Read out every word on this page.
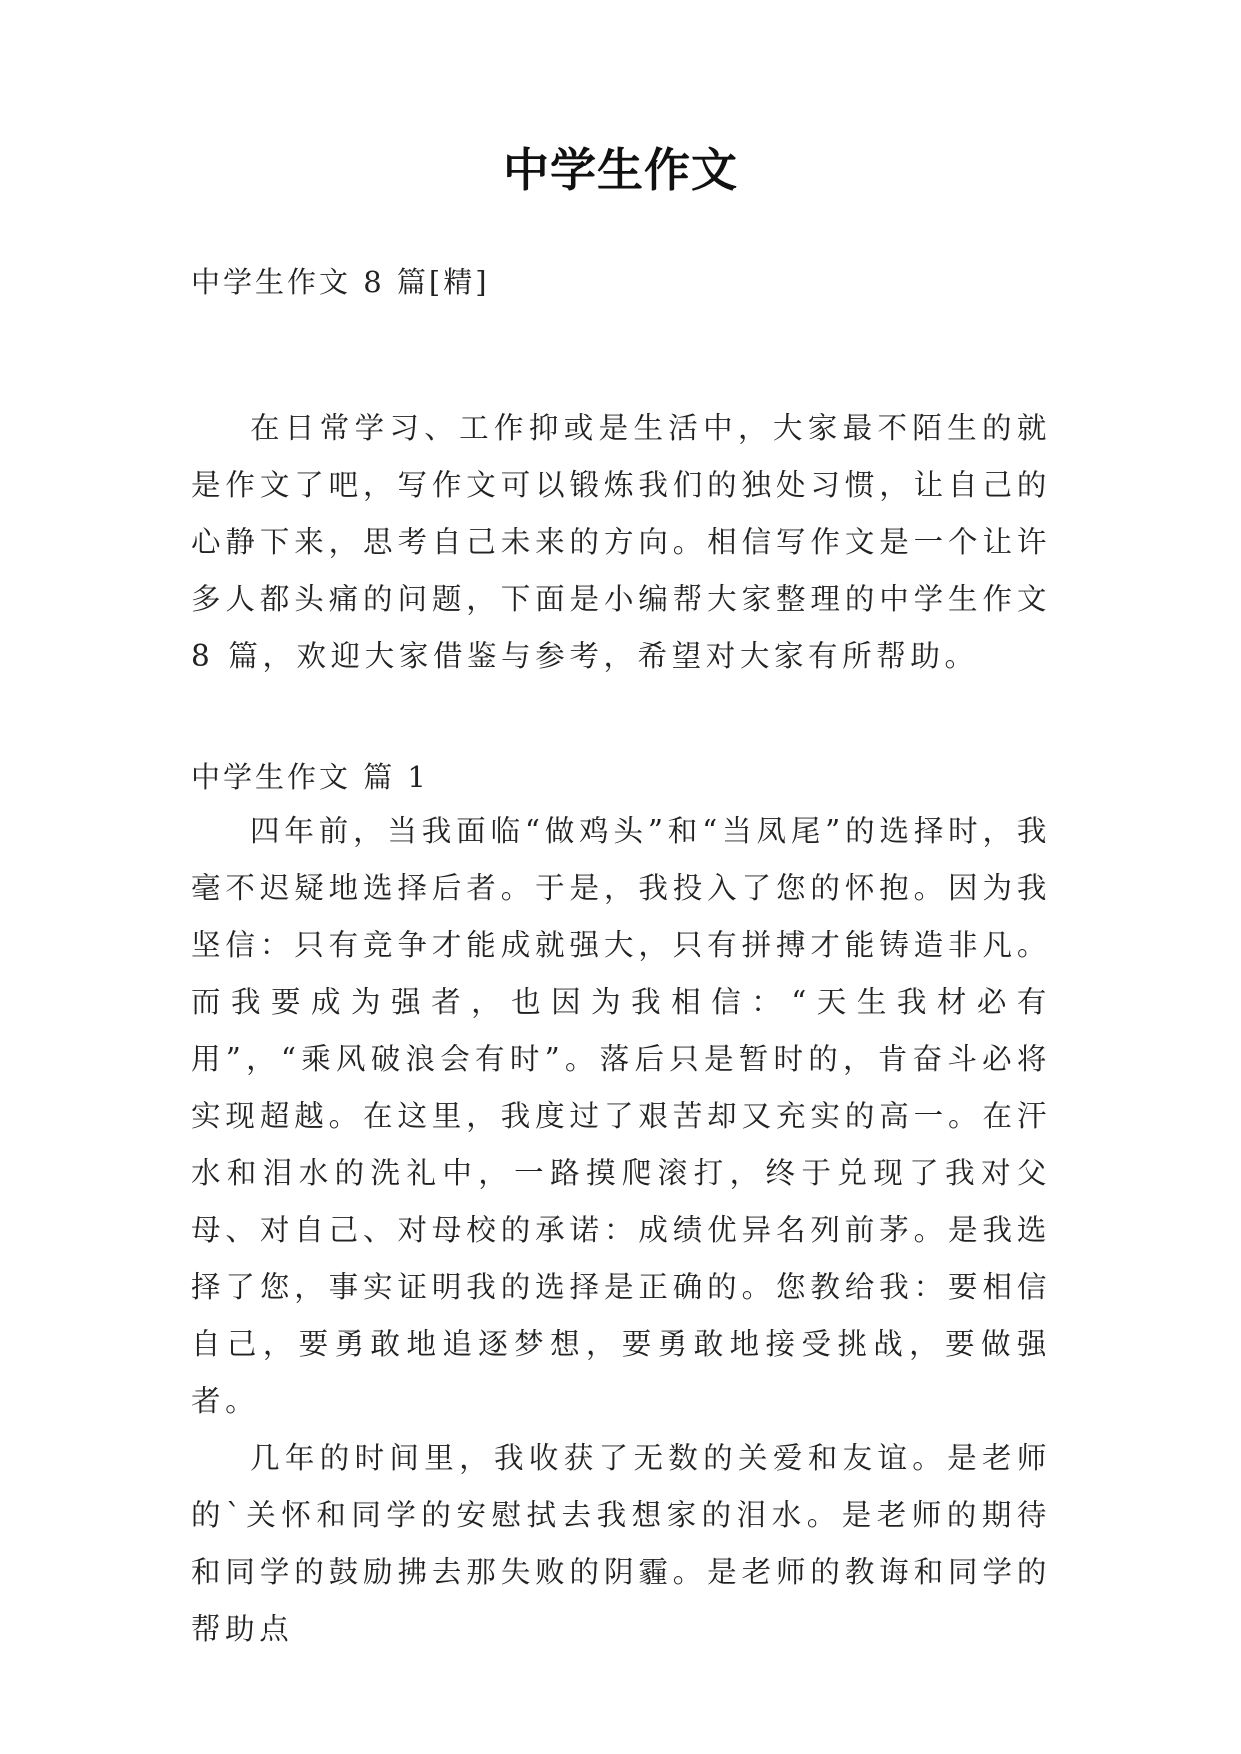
中学生作文
中学生作文 8 篇[精]

在日常学习、工作抑或是生活中，大家最不陌生的就是作文了吧，写作文可以锻炼我们的独处习惯，让自己的心静下来，思考自己未来的方向。相信写作文是一个让许多人都头痛的问题，下面是小编帮大家整理的中学生作文 8 篇，欢迎大家借鉴与参考，希望对大家有所帮助。

中学生作文 篇 1

四年前，当我面临“做鸡头”和“当凤尾”的选择时，我毫不迟疑地选择后者。于是，我投入了您的怀抱。因为我坚信：只有竞争才能成就强大，只有拼搏才能铸造非凡。而我要成为强者，也因为我相信：“天生我材必有用”，“乘风破浪会有时”。落后只是暂时的，肯奋斗必将实现超越。在这里，我度过了艰苦却又充实的高一。在汗水和泪水的洗礼中，一路摸爬滚打，终于兑现了我对父母、对自己、对母校的承诺：成绩优异名列前茅。是我选择了您，事实证明我的选择是正确的。您教给我：要相信自己，要勇敢地追逐梦想，要勇敢地接受挑战，要做强者。

几年的时间里，我收获了无数的关爱和友谊。是老师的`关怀和同学的安慰拭去我想家的泪水。是老师的期待和同学的鼓励拂去那失败的阴霾。是老师的教诲和同学的帮助点
